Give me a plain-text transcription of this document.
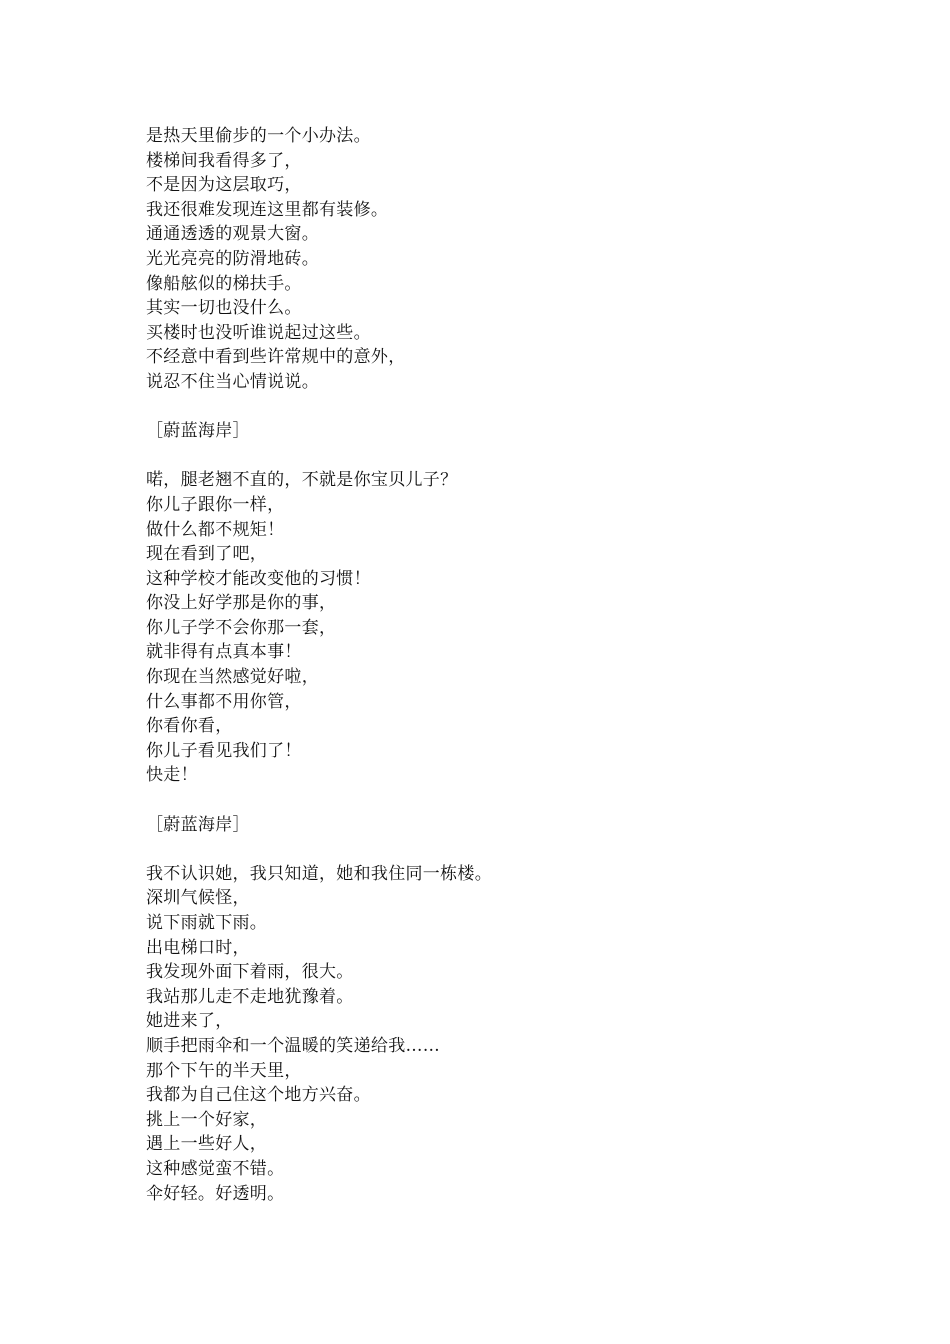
是热天里偷步的一个小办法。
楼梯间我看得多了，
不是因为这层取巧，
我还很难发现连这里都有装修。
通通透透的观景大窗。
光光亮亮的防滑地砖。
像船舷似的梯扶手。
其实一切也没什么。
买楼时也没听谁说起过这些。
不经意中看到些许常规中的意外，
说忍不住当心情说说。
［蔚蓝海岸］
喏，腿老翘不直的，不就是你宝贝儿子？
你儿子跟你一样，
做什么都不规矩！
现在看到了吧，
这种学校才能改变他的习惯！
你没上好学那是你的事，
你儿子学不会你那一套，
就非得有点真本事！
你现在当然感觉好啦，
什么事都不用你管，
你看你看，
你儿子看见我们了！
快走！
［蔚蓝海岸］
我不认识她，我只知道，她和我住同一栋楼。
深圳气候怪，
说下雨就下雨。
出电梯口时，
我发现外面下着雨，很大。
我站那儿走不走地犹豫着。
她进来了，
顺手把雨伞和一个温暖的笑递给我……
那个下午的半天里，
我都为自己住这个地方兴奋。
挑上一个好家，
遇上一些好人，
这种感觉蛮不错。
伞好轻。好透明。
